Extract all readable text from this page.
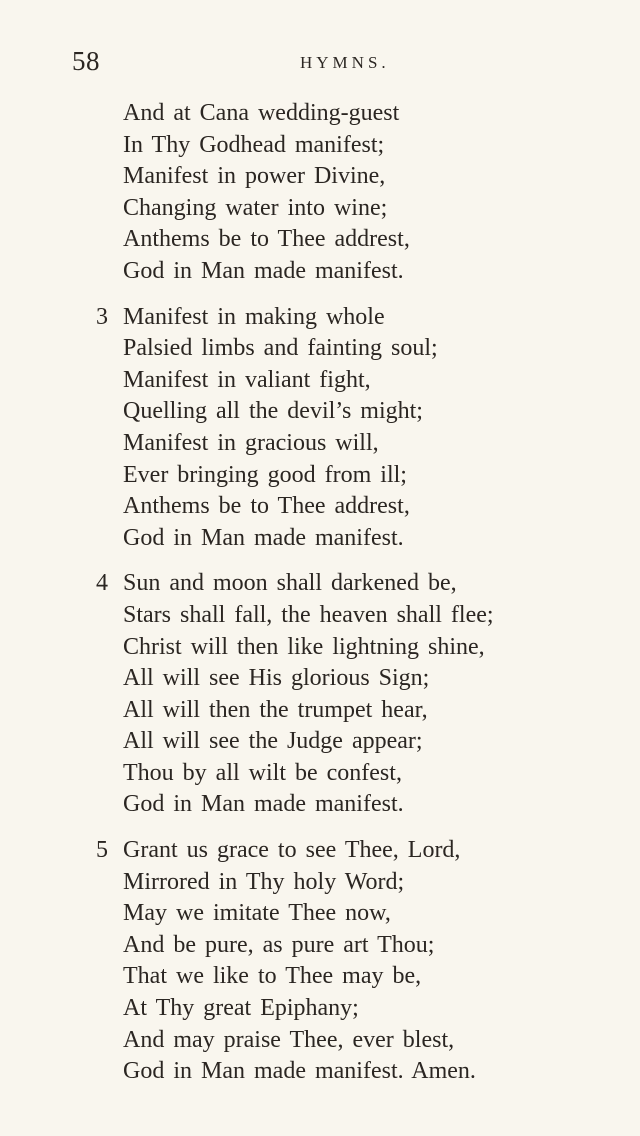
58	HYMNS.
And at Cana wedding-guest
In Thy Godhead manifest;
Manifest in power Divine,
Changing water into wine;
Anthems be to Thee addrest,
God in Man made manifest.
3 Manifest in making whole
Palsied limbs and fainting soul;
Manifest in valiant fight,
Quelling all the devil’s might;
Manifest in gracious will,
Ever bringing good from ill;
Anthems be to Thee addrest,
God in Man made manifest.
4 Sun and moon shall darkened be,
Stars shall fall, the heaven shall flee;
Christ will then like lightning shine,
All will see His glorious Sign;
All will then the trumpet hear,
All will see the Judge appear;
Thou by all wilt be confest,
God in Man made manifest.
5 Grant us grace to see Thee, Lord,
Mirrored in Thy holy Word;
May we imitate Thee now,
And be pure, as pure art Thou;
That we like to Thee may be,
At Thy great Epiphany;
And may praise Thee, ever blest,
God in Man made manifest. Amen.
